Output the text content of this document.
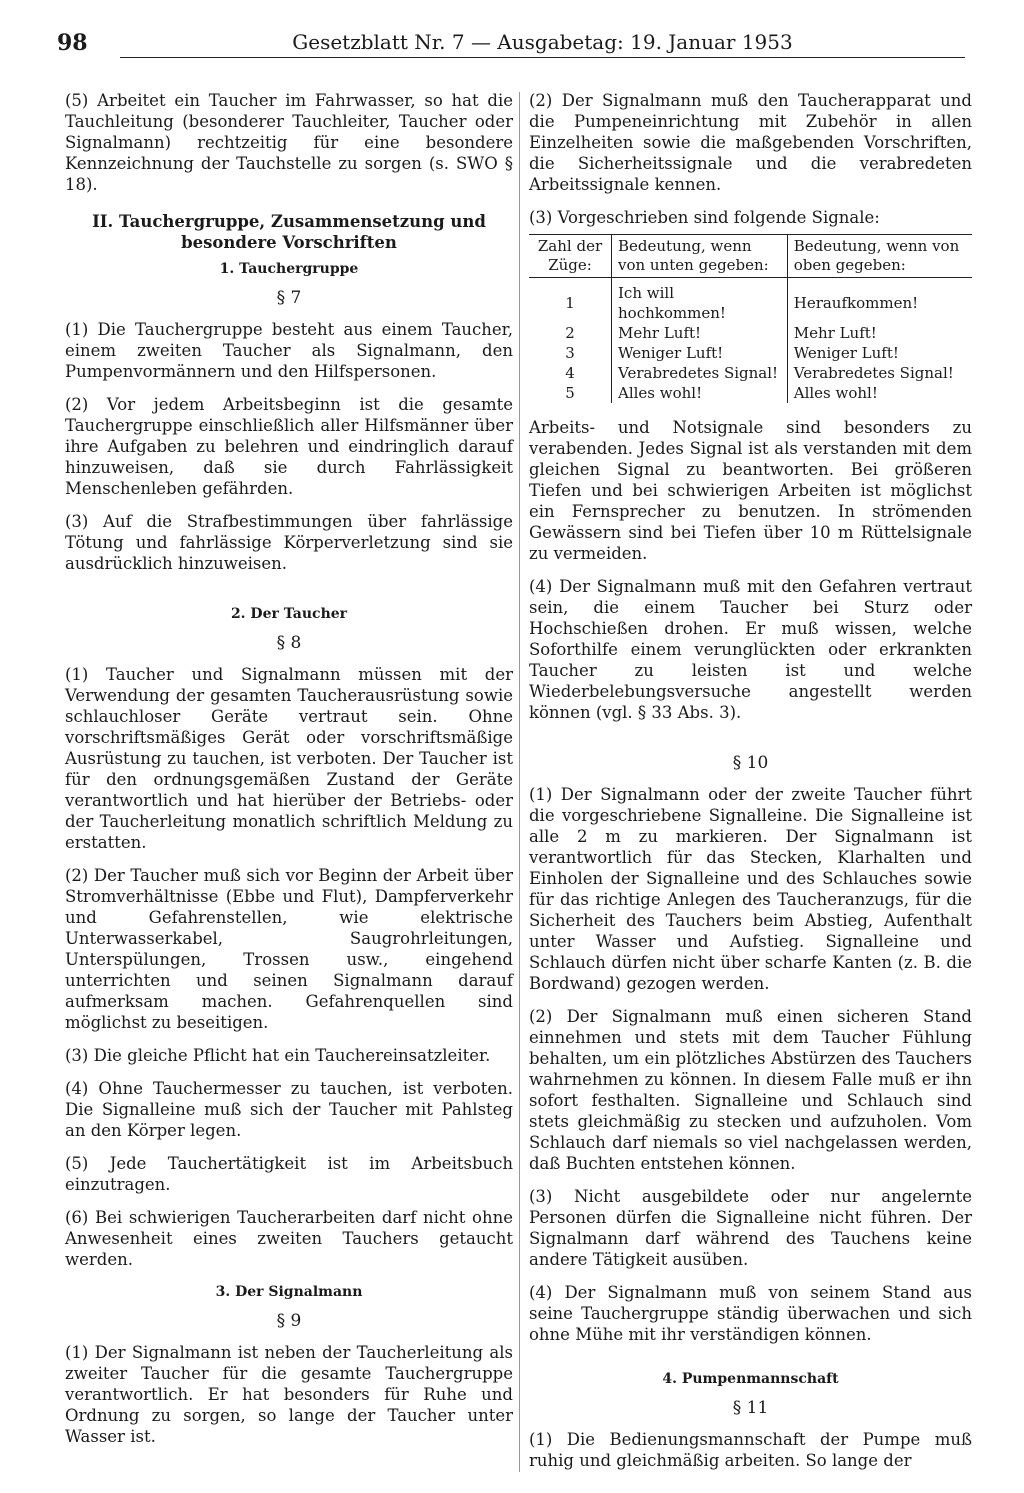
98	Gesetzblatt Nr. 7 — Ausgabetag: 19. Januar 1953

(5) Arbeitet ein Taucher im Fahrwasser, so hat die Tauchleitung (besonderer Tauchleiter, Taucher oder Signalmann) rechtzeitig für eine besondere Kennzeichnung der Tauchstelle zu sorgen (s. SWO § 18).

II. Tauchergruppe, Zusammensetzung und
besondere Vorschriften
1. Tauchergruppe
§ 7

(1) Die Tauchergruppe besteht aus einem Taucher, einem zweiten Taucher als Signalmann, den Pumpenvormännern und den Hilfspersonen.

(2) Vor jedem Arbeitsbeginn ist die gesamte Tauchergruppe einschließlich aller Hilfsmänner über ihre Aufgaben zu belehren und eindringlich darauf hinzuweisen, daß sie durch Fahrlässigkeit Menschenleben gefährden.

(3) Auf die Strafbestimmungen über fahrlässige Tötung und fahrlässige Körperverletzung sind sie ausdrücklich hinzuweisen.

2. Der Taucher
§ 8

(1) Taucher und Signalmann müssen mit der Verwendung der gesamten Taucherausrüstung sowie schlauchloser Geräte vertraut sein. Ohne vorschriftsmäßiges Gerät oder vorschriftsmäßige Ausrüstung zu tauchen, ist verboten. Der Taucher ist für den ordnungsgemäßen Zustand der Geräte verantwortlich und hat hierüber der Betriebs- oder der Taucherleitung monatlich schriftlich Meldung zu erstatten.

(2) Der Taucher muß sich vor Beginn der Arbeit über Stromverhältnisse (Ebbe und Flut), Dampferverkehr und Gefahrenstellen, wie elektrische Unterwasserkabel, Saugrohrleitungen, Unterspülungen, Trossen usw., eingehend unterrichten und seinen Signalmann darauf aufmerksam machen. Gefahrenquellen sind möglichst zu beseitigen.

(3) Die gleiche Pflicht hat ein Tauchereinsatzleiter.

(4) Ohne Tauchermesser zu tauchen, ist verboten. Die Signalleine muß sich der Taucher mit Pahlsteg an den Körper legen.

(5) Jede Tauchertätigkeit ist im Arbeitsbuch einzutragen.

(6) Bei schwierigen Taucherarbeiten darf nicht ohne Anwesenheit eines zweiten Tauchers getaucht werden.

3. Der Signalmann
§ 9

(1) Der Signalmann ist neben der Taucherleitung als zweiter Taucher für die gesamte Tauchergruppe verantwortlich. Er hat besonders für Ruhe und Ordnung zu sorgen, so lange der Taucher unter Wasser ist.

(2) Der Signalmann muß den Taucherapparat und die Pumpeneinrichtung mit Zubehör in allen Einzelheiten sowie die maßgebenden Vorschriften, die Sicherheitssignale und die verabredeten Arbeitssignale kennen.

(3) Vorgeschrieben sind folgende Signale:

Zahl der Züge:	Bedeutung, wenn von unten gegeben:	Bedeutung, wenn von oben gegeben:
1	Ich will hochkommen!	Heraufkommen!
2	Mehr Luft!	Mehr Luft!
3	Weniger Luft!	Weniger Luft!
4	Verabredetes Signal!	Verabredetes Signal!
5	Alles wohl!	Alles wohl!

Arbeits- und Notsignale sind besonders zu verabenden. Jedes Signal ist als verstanden mit dem gleichen Signal zu beantworten. Bei größeren Tiefen und bei schwierigen Arbeiten ist möglichst ein Fernsprecher zu benutzen. In strömenden Gewässern sind bei Tiefen über 10 m Rüttelsignale zu vermeiden.

(4) Der Signalmann muß mit den Gefahren vertraut sein, die einem Taucher bei Sturz oder Hochschießen drohen. Er muß wissen, welche Soforthilfe einem verunglückten oder erkrankten Taucher zu leisten ist und welche Wiederbelebungsversuche angestellt werden können (vgl. § 33 Abs. 3).

§ 10

(1) Der Signalmann oder der zweite Taucher führt die vorgeschriebene Signalleine. Die Signalleine ist alle 2 m zu markieren. Der Signalmann ist verantwortlich für das Stecken, Klarhalten und Einholen der Signalleine und des Schlauches sowie für das richtige Anlegen des Taucheranzugs, für die Sicherheit des Tauchers beim Abstieg, Aufenthalt unter Wasser und Aufstieg. Signalleine und Schlauch dürfen nicht über scharfe Kanten (z. B. die Bordwand) gezogen werden.

(2) Der Signalmann muß einen sicheren Stand einnehmen und stets mit dem Taucher Fühlung behalten, um ein plötzliches Abstürzen des Tauchers wahrnehmen zu können. In diesem Falle muß er ihn sofort festhalten. Signalleine und Schlauch sind stets gleichmäßig zu stecken und aufzuholen. Vom Schlauch darf niemals so viel nachgelassen werden, daß Buchten entstehen können.

(3) Nicht ausgebildete oder nur angelernte Personen dürfen die Signalleine nicht führen. Der Signalmann darf während des Tauchens keine andere Tätigkeit ausüben.

(4) Der Signalmann muß von seinem Stand aus seine Tauchergruppe ständig überwachen und sich ohne Mühe mit ihr verständigen können.

4. Pumpenmannschaft
§ 11

(1) Die Bedienungsmannschaft der Pumpe muß ruhig und gleichmäßig arbeiten. So lange der
